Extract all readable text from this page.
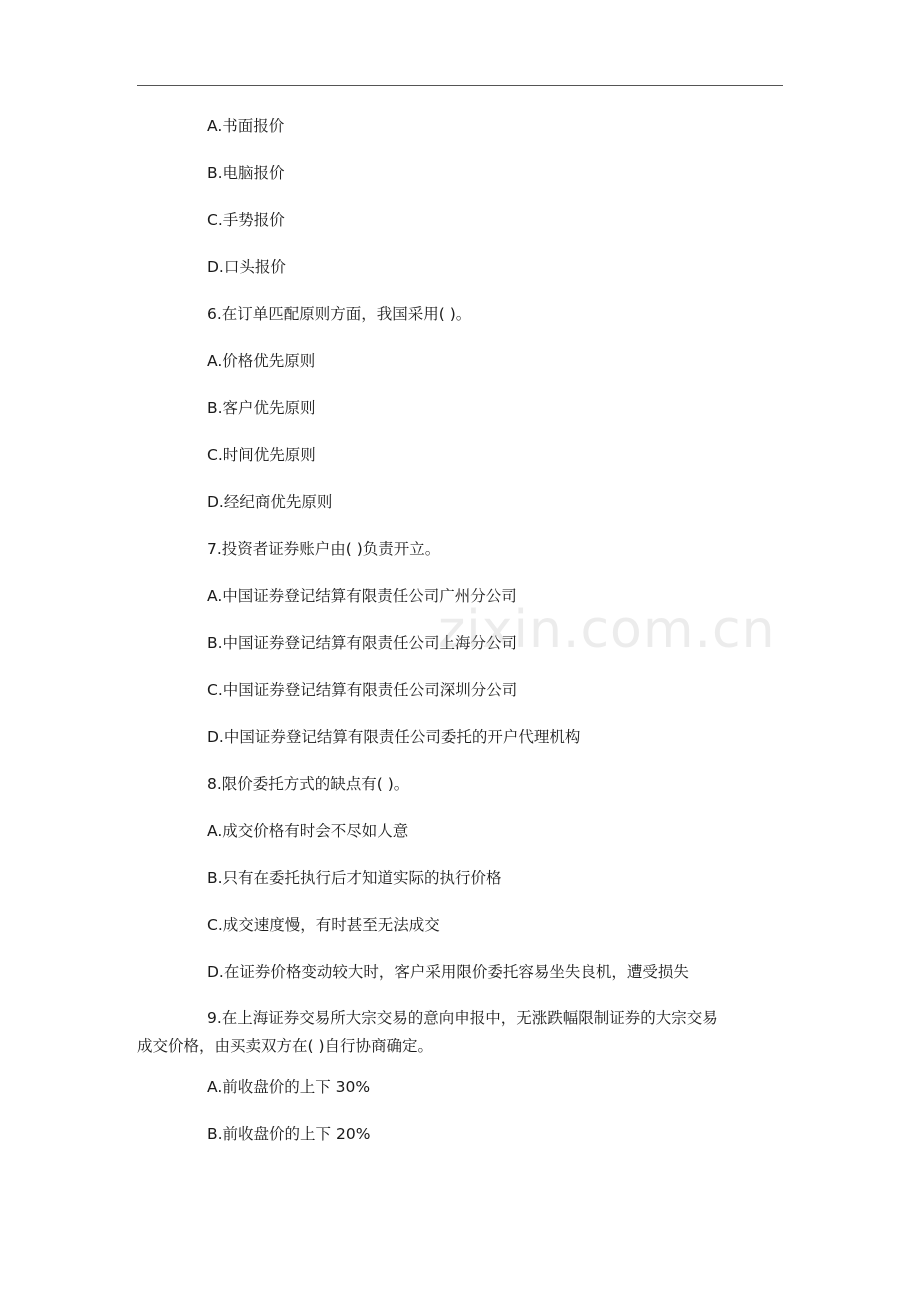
A.书面报价
B.电脑报价
C.手势报价
D.口头报价
6.在订单匹配原则方面，我国采用( )。
A.价格优先原则
B.客户优先原则
C.时间优先原则
D.经纪商优先原则
7.投资者证券账户由( )负责开立。
A.中国证券登记结算有限责任公司广州分公司
B.中国证券登记结算有限责任公司上海分公司
C.中国证券登记结算有限责任公司深圳分公司
D.中国证券登记结算有限责任公司委托的开户代理机构
8.限价委托方式的缺点有( )。
A.成交价格有时会不尽如人意
B.只有在委托执行后才知道实际的执行价格
C.成交速度慢，有时甚至无法成交
D.在证券价格变动较大时，客户采用限价委托容易坐失良机，遭受损失
9.在上海证券交易所大宗交易的意向申报中，无涨跌幅限制证券的大宗交易
成交价格，由买卖双方在( )自行协商确定。
A.前收盘价的上下 30%
B.前收盘价的上下 20%
zixin.com.cn
